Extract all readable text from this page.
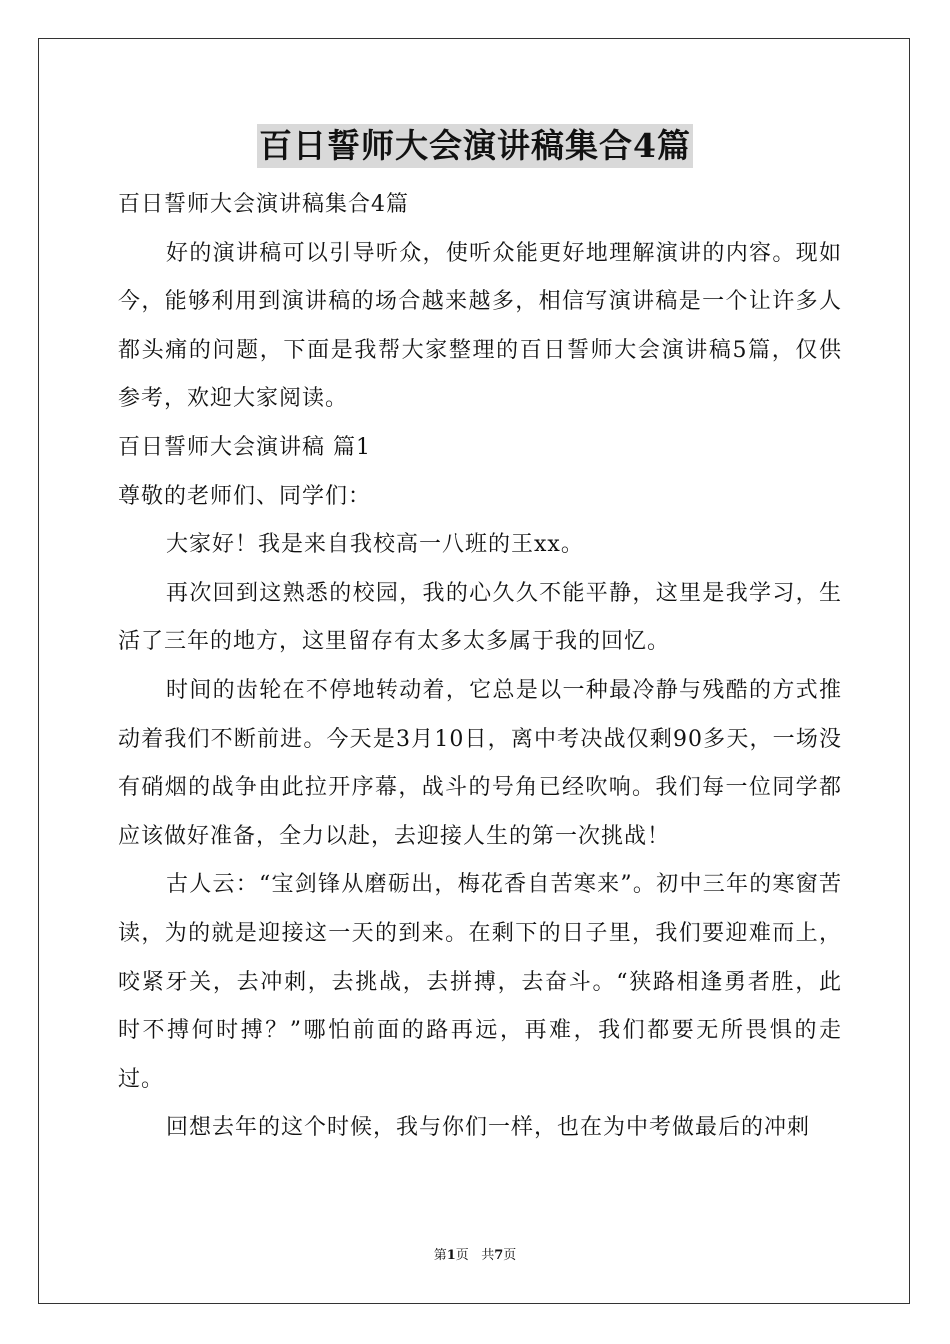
百日誓师大会演讲稿集合4篇

百日誓师大会演讲稿集合4篇

好的演讲稿可以引导听众，使听众能更好地理解演讲的内容。现如今，能够利用到演讲稿的场合越来越多，相信写演讲稿是一个让许多人都头痛的问题，下面是我帮大家整理的百日誓师大会演讲稿5篇，仅供参考，欢迎大家阅读。

百日誓师大会演讲稿 篇1

尊敬的老师们、同学们：

大家好！我是来自我校高一八班的王xx。

再次回到这熟悉的校园，我的心久久不能平静，这里是我学习，生活了三年的地方，这里留存有太多太多属于我的回忆。

时间的齿轮在不停地转动着，它总是以一种最冷静与残酷的方式推动着我们不断前进。今天是3月10日，离中考决战仅剩90多天，一场没有硝烟的战争由此拉开序幕，战斗的号角已经吹响。我们每一位同学都应该做好准备，全力以赴，去迎接人生的第一次挑战！

古人云：“宝剑锋从磨砺出，梅花香自苦寒来”。初中三年的寒窗苦读，为的就是迎接这一天的到来。在剩下的日子里，我们要迎难而上，咬紧牙关，去冲刺，去挑战，去拼搏，去奋斗。“狭路相逢勇者胜，此时不搏何时搏？”哪怕前面的路再远，再难，我们都要无所畏惧的走过。

回想去年的这个时候，我与你们一样，也在为中考做最后的冲刺

第1页   共7页
